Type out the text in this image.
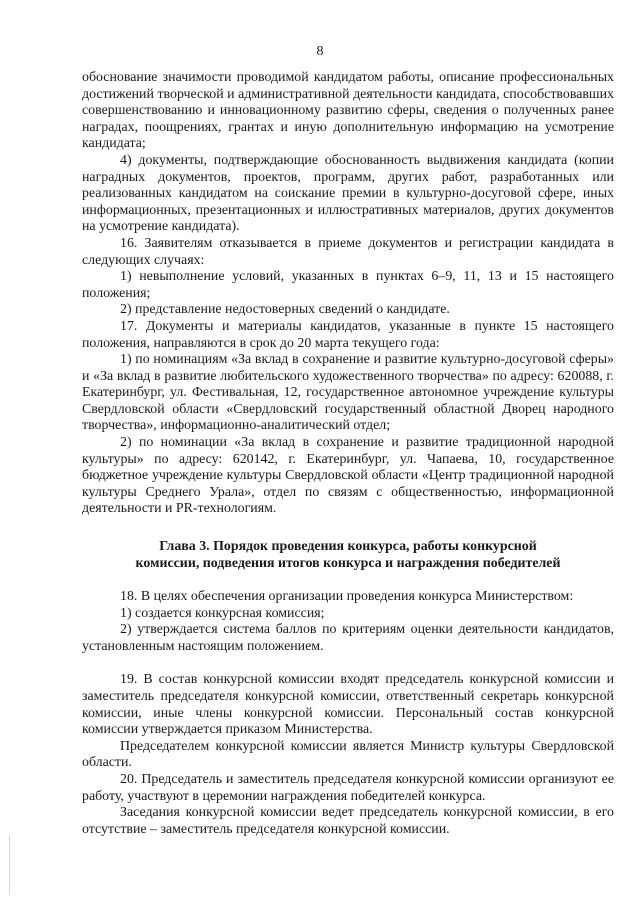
8

обоснование значимости проводимой кандидатом работы, описание профессиональных достижений творческой и административной деятельности кандидата, способствовавших совершенствованию и инновационному развитию сферы, сведения о полученных ранее наградах, поощрениях, грантах и иную дополнительную информацию на усмотрение кандидата;

4) документы, подтверждающие обоснованность выдвижения кандидата (копии наградных документов, проектов, программ, других работ, разработанных или реализованных кандидатом на соискание премии в культурно-досуговой сфере, иных информационных, презентационных и иллюстративных материалов, других документов на усмотрение кандидата).

16. Заявителям отказывается в приеме документов и регистрации кандидата в следующих случаях:

1) невыполнение условий, указанных в пунктах 6–9, 11, 13 и 15 настоящего положения;

2) представление недостоверных сведений о кандидате.

17. Документы и материалы кандидатов, указанные в пункте 15 настоящего положения, направляются в срок до 20 марта текущего года:

1) по номинациям «За вклад в сохранение и развитие культурно-досуговой сферы» и «За вклад в развитие любительского художественного творчества» по адресу: 620088, г. Екатеринбург, ул. Фестивальная, 12, государственное автономное учреждение культуры Свердловской области «Свердловский государственный областной Дворец народного творчества», информационно-аналитический отдел;

2) по номинации «За вклад в сохранение и развитие традиционной народной культуры» по адресу: 620142, г. Екатеринбург, ул. Чапаева, 10, государственное бюджетное учреждение культуры Свердловской области «Центр традиционной народной культуры Среднего Урала», отдел по связям с общественностью, информационной деятельности и PR-технологиям.

Глава 3. Порядок проведения конкурса, работы конкурсной

комиссии, подведения итогов конкурса и награждения победителей

18. В целях обеспечения организации проведения конкурса Министерством:

1) создается конкурсная комиссия;

2) утверждается система баллов по критериям оценки деятельности кандидатов, установленным настоящим положением.

19. В состав конкурсной комиссии входят председатель конкурсной комиссии и заместитель председателя конкурсной комиссии, ответственный секретарь конкурсной комиссии, иные члены конкурсной комиссии. Персональный состав конкурсной комиссии утверждается приказом Министерства.

Председателем конкурсной комиссии является Министр культуры Свердловской области.

20. Председатель и заместитель председателя конкурсной комиссии организуют ее работу, участвуют в церемонии награждения победителей конкурса.

Заседания конкурсной комиссии ведет председатель конкурсной комиссии, в его отсутствие – заместитель председателя конкурсной комиссии.
